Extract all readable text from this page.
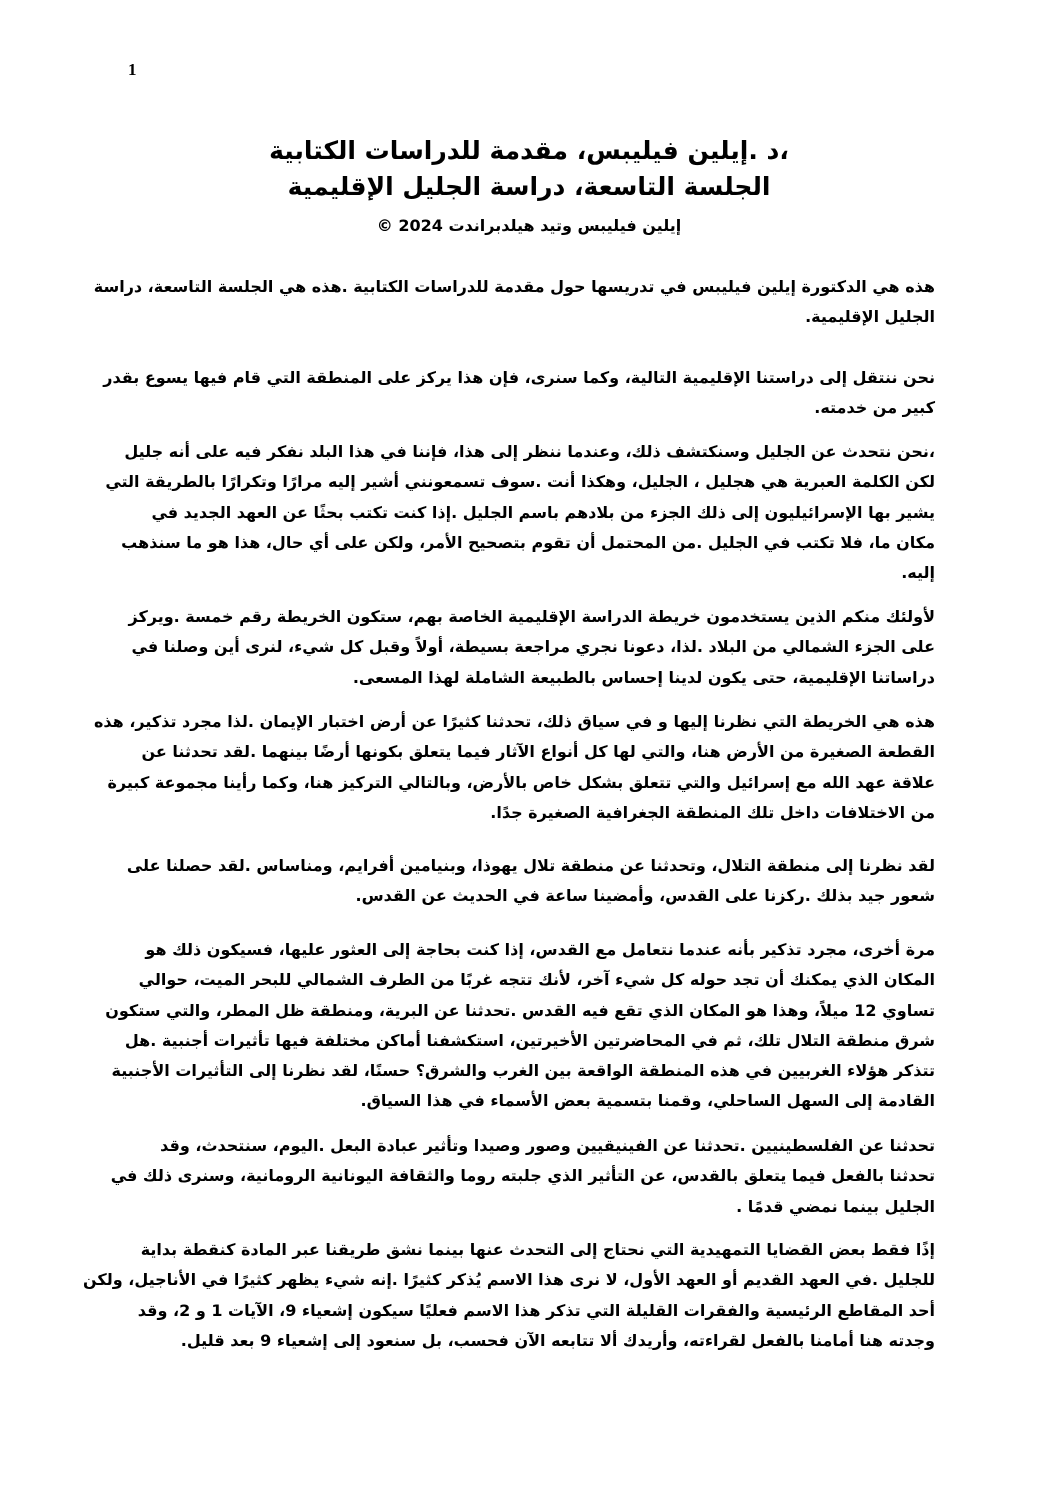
1
،د .إيلين فيليبس، مقدمة للدراسات الكتابية
الجلسة التاسعة، دراسة الجليل الإقليمية
إيلين فيليبس وتيد هيلدبراندت 2024 ©
هذه هي الدكتورة إيلين فيليبس في تدريسها حول مقدمة للدراسات الكتابية .هذه هي الجلسة التاسعة، دراسة
الجليل الإقليمية.
نحن ننتقل إلى دراستنا الإقليمية التالية، وكما سنرى، فإن هذا يركز على المنطقة التي قام فيها يسوع بقدر
كبير من خدمته.
،نحن نتحدث عن الجليل وسنكتشف ذلك، وعندما ننظر إلى هذا، فإننا في هذا البلد نفكر فيه على أنه جليل
لكن الكلمة العبرية هي هجليل ، الجليل، وهكذا أنت .سوف تسمعونني أشير إليه مرارًا وتكرارًا بالطريقة التي
يشير بها الإسرائيليون إلى ذلك الجزء من بلادهم باسم الجليل .إذا كنت تكتب بحثًا عن العهد الجديد في
مكان ما، فلا تكتب في الجليل .من المحتمل أن تقوم بتصحيح الأمر، ولكن على أي حال، هذا هو ما سنذهب
إليه.
لأولئك منكم الذين يستخدمون خريطة الدراسة الإقليمية الخاصة بهم، ستكون الخريطة رقم خمسة .ويركز
على الجزء الشمالي من البلاد .لذا، دعونا نجري مراجعة بسيطة، أولاً وقبل كل شيء، لنرى أين وصلنا في
دراساتنا الإقليمية، حتى يكون لدينا إحساس بالطبيعة الشاملة لهذا المسعى.
هذه هي الخريطة التي نظرنا إليها و في سياق ذلك، تحدثنا كثيرًا عن أرض اختبار الإيمان .لذا مجرد تذكير، هذه
القطعة الصغيرة من الأرض هنا، والتي لها كل أنواع الآثار فيما يتعلق بكونها أرضًا بينهما .لقد تحدثنا عن
علاقة عهد الله مع إسرائيل والتي تتعلق بشكل خاص بالأرض، وبالتالي التركيز هنا، وكما رأينا مجموعة كبيرة
من الاختلافات داخل تلك المنطقة الجغرافية الصغيرة جدًا.
لقد نظرنا إلى منطقة التلال، وتحدثنا عن منطقة تلال يهوذا، وبنيامين أفرايم، ومناساس .لقد حصلنا على
شعور جيد بذلك .ركزنا على القدس، وأمضينا ساعة في الحديث عن القدس.
مرة أخرى، مجرد تذكير بأنه عندما نتعامل مع القدس، إذا كنت بحاجة إلى العثور عليها، فسيكون ذلك هو
المكان الذي يمكنك أن تجد حوله كل شيء آخر، لأنك تتجه غربًا من الطرف الشمالي للبحر الميت، حوالي
تساوي 12 ميلاً، وهذا هو المكان الذي تقع فيه القدس .تحدثنا عن البرية، ومنطقة ظل المطر، والتي ستكون
شرق منطقة التلال تلك، ثم في المحاضرتين الأخيرتين، استكشفنا أماكن مختلفة فيها تأثيرات أجنبية .هل
تتذكر هؤلاء الغربيين في هذه المنطقة الواقعة بين الغرب والشرق؟ حسنًا، لقد نظرنا إلى التأثيرات الأجنبية
القادمة إلى السهل الساحلي، وقمنا بتسمية بعض الأسماء في هذا السياق.
تحدثنا عن الفلسطينيين .تحدثنا عن الفينيقيين وصور وصيدا وتأثير عبادة البعل .اليوم، سنتحدث، وقد
تحدثنا بالفعل فيما يتعلق بالقدس، عن التأثير الذي جلبته روما والثقافة اليونانية الرومانية، وسنرى ذلك في
الجليل بينما نمضي قدمًا .
إذًا فقط بعض القضايا التمهيدية التي نحتاج إلى التحدث عنها بينما نشق طريقنا عبر المادة كنقطة بداية
للجليل .في العهد القديم أو العهد الأول، لا نرى هذا الاسم يُذكر كثيرًا .إنه شيء يظهر كثيرًا في الأناجيل، ولكن
أحد المقاطع الرئيسية والفقرات القليلة التي تذكر هذا الاسم فعليًا سيكون إشعياء 9، الآيات 1 و 2، وقد
وجدته هنا أمامنا بالفعل لقراءته، وأريدك ألا تتابعه الآن فحسب، بل سنعود إلى إشعياء 9 بعد قليل.
